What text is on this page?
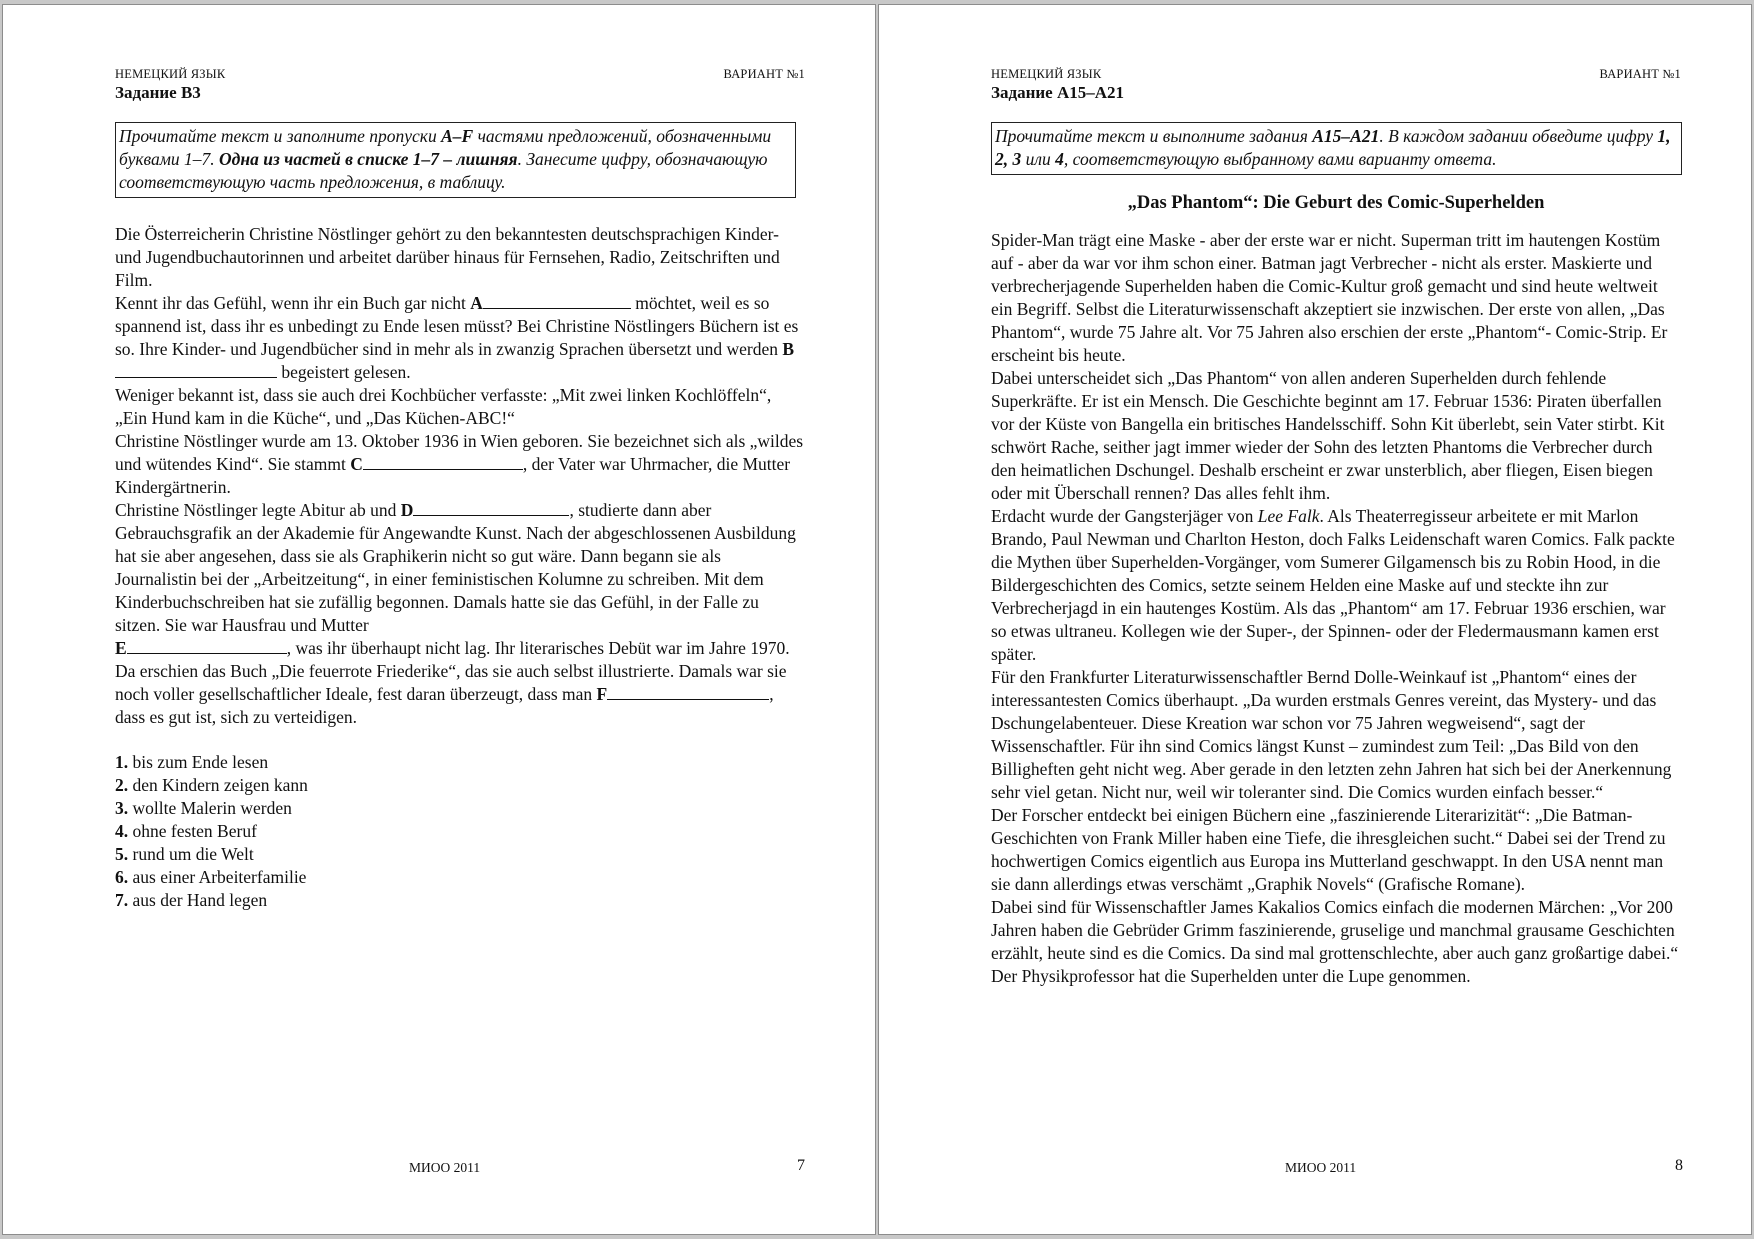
НЕМЕЦКИЙ ЯЗЫК	ВАРИАНТ №1
Задание B3
Прочитайте текст и заполните пропуски A–F частями предложений, обозначенными буквами 1–7. Одна из частей в списке 1–7 – лишняя. Занесите цифру, обозначающую соответствующую часть предложения, в таблицу.

Die Österreicherin Christine Nöstlinger gehört zu den bekanntesten deutschsprachigen Kinder- und Jugendbuchautorinnen und arbeitet darüber hinaus für Fernsehen, Radio, Zeitschriften und Film.

Kennt ihr das Gefühl, wenn ihr ein Buch gar nicht A	möchtet, weil es so spannend ist, dass ihr es unbedingt zu Ende lesen müsst? Bei Christine Nöstlingers Büchern ist es so. Ihre Kinder- und Jugendbücher sind in mehr als in zwanzig Sprachen übersetzt und werden B begeistert gelesen.

Weniger bekannt ist, dass sie auch drei Kochbücher verfasste: „Mit zwei linken Kochlöffeln“, „Ein Hund kam in die Küche“, und „Das Küchen-ABC!“

Christine Nöstlinger wurde am 13. Oktober 1936 in Wien geboren. Sie bezeichnet sich als „wildes und wütendes Kind“. Sie stammt C	, der Vater war Uhrmacher, die Mutter Kindergärtnerin.

Christine Nöstlinger legte Abitur ab und D	, studierte dann aber Gebrauchsgrafik an der Akademie für Angewandte Kunst. Nach der abgeschlossenen Ausbildung hat sie aber angesehen, dass sie als Graphikerin nicht so gut wäre. Dann begann sie als Journalistin bei der „Arbeitzeitung“, in einer feministischen Kolumne zu schreiben. Mit dem Kinderbuchschreiben hat sie zufällig begonnen. Damals hatte sie das Gefühl, in der Falle zu sitzen. Sie war Hausfrau und Mutter

E	, was ihr überhaupt nicht lag. Ihr literarisches Debüt war im Jahre 1970. Da erschien das Buch „Die feuerrote Friederike“, das sie auch selbst illustrierte. Damals war sie noch voller gesellschaftlicher Ideale, fest daran überzeugt, dass man F	, dass es gut ist, sich zu verteidigen.

1. bis zum Ende lesen
2. den Kindern zeigen kann
3. wollte Malerin werden
4. ohne festen Beruf
5. rund um die Welt
6. aus einer Arbeiterfamilie
7. aus der Hand legen
МИОО 2011	7
НЕМЕЦКИЙ ЯЗЫК	ВАРИАНТ №1
Задание A15–A21
Прочитайте текст и выполните задания A15–A21. В каждом задании обведите цифру 1, 2, 3 или 4, соответствующую выбранному вами варианту ответа.
„Das Phantom“: Die Geburt des Comic-Superhelden

Spider-Man trägt eine Maske - aber der erste war er nicht. Superman tritt im hautengen Kostüm auf - aber da war vor ihm schon einer. Batman jagt Verbrecher - nicht als erster. Maskierte und verbrecherjagende Superhelden haben die Comic-Kultur groß gemacht und sind heute weltweit ein Begriff. Selbst die Literaturwissenschaft akzeptiert sie inzwischen. Der erste von allen, „Das Phantom“, wurde 75 Jahre alt. Vor 75 Jahren also erschien der erste „Phantom“- Comic-Strip. Er erscheint bis heute.

Dabei unterscheidet sich „Das Phantom“ von allen anderen Superhelden durch fehlende Superkräfte. Er ist ein Mensch. Die Geschichte beginnt am 17. Februar 1536: Piraten überfallen vor der Küste von Bangella ein britisches Handelsschiff. Sohn Kit überlebt, sein Vater stirbt. Kit schwört Rache, seither jagt immer wieder der Sohn des letzten Phantoms die Verbrecher durch den heimatlichen Dschungel. Deshalb erscheint er zwar unsterblich, aber fliegen, Eisen biegen oder mit Überschall rennen? Das alles fehlt ihm.

Erdacht wurde der Gangsterjäger von Lee Falk. Als Theaterregisseur arbeitete er mit Marlon Brando, Paul Newman und Charlton Heston, doch Falks Leidenschaft waren Comics. Falk packte die Mythen über Superhelden-Vorgänger, vom Sumerer Gilgamensch bis zu Robin Hood, in die Bildergeschichten des Comics, setzte seinem Helden eine Maske auf und steckte ihn zur Verbrecherjagd in ein hautenges Kostüm. Als das „Phantom“ am 17. Februar 1936 erschien, war so etwas ultraneu. Kollegen wie der Super-, der Spinnen- oder der Fledermausmann kamen erst später.

Für den Frankfurter Literaturwissenschaftler Bernd Dolle-Weinkauf ist „Phantom“ eines der interessantesten Comics überhaupt. „Da wurden erstmals Genres vereint, das Mystery- und das Dschungelabenteuer. Diese Kreation war schon vor 75 Jahren wegweisend“, sagt der Wissenschaftler. Für ihn sind Comics längst Kunst – zumindest zum Teil: „Das Bild von den Billigheften geht nicht weg. Aber gerade in den letzten zehn Jahren hat sich bei der Anerkennung sehr viel getan. Nicht nur, weil wir toleranter sind. Die Comics wurden einfach besser.“

Der Forscher entdeckt bei einigen Büchern eine „faszinierende Literarizität“: „Die Batman-Geschichten von Frank Miller haben eine Tiefe, die ihresgleichen sucht.“ Dabei sei der Trend zu hochwertigen Comics eigentlich aus Europa ins Mutterland geschwappt. In den USA nennt man sie dann allerdings etwas verschämt „Graphik Novels“ (Grafische Romane).

Dabei sind für Wissenschaftler James Kakalios Comics einfach die modernen Märchen: „Vor 200 Jahren haben die Gebrüder Grimm faszinierende, gruselige und manchmal grausame Geschichten erzählt, heute sind es die Comics. Da sind mal grottenschlechte, aber auch ganz großartige dabei.“ Der Physikprofessor hat die Superhelden unter die Lupe genommen.

МИОО 2011	8
